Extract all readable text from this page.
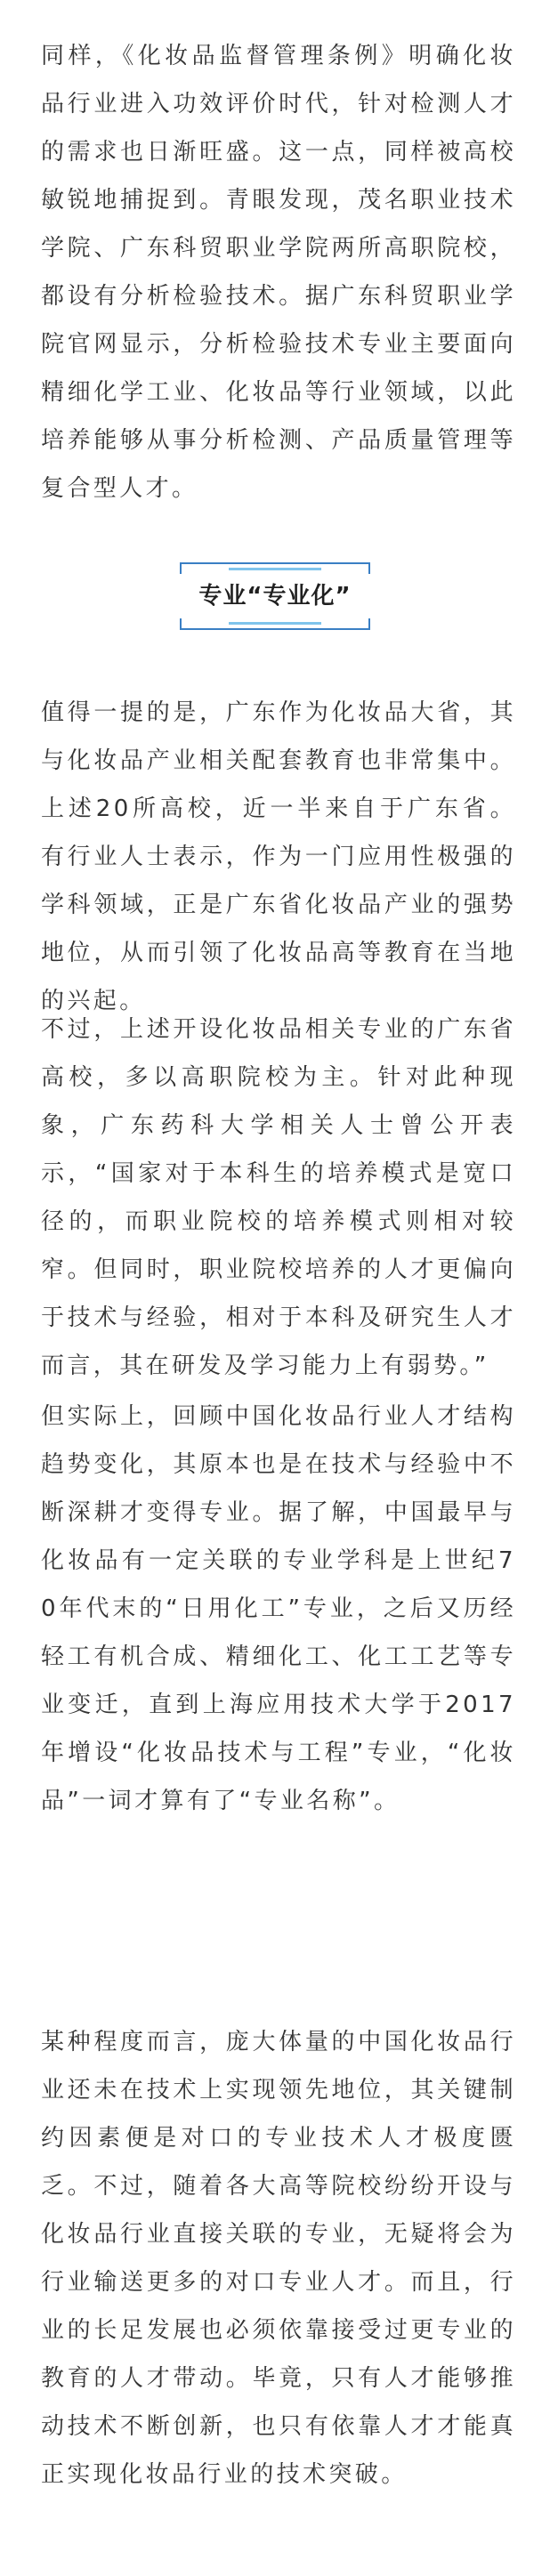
同样，《化妆品监督管理条例》明确化妆品行业进入功效评价时代，针对检测人才的需求也日渐旺盛。这一点，同样被高校敏锐地捕捉到。青眼发现，茂名职业技术学院、广东科贸职业学院两所高职院校，都设有分析检验技术。据广东科贸职业学院官网显示，分析检验技术专业主要面向精细化学工业、化妆品等行业领域，以此培养能够从事分析检测、产品质量管理等复合型人才。

专业“专业化”

值得一提的是，广东作为化妆品大省，其与化妆品产业相关配套教育也非常集中。上述20所高校，近一半来自于广东省。有行业人士表示，作为一门应用性极强的学科领域，正是广东省化妆品产业的强势地位，从而引领了化妆品高等教育在当地的兴起。

不过，上述开设化妆品相关专业的广东省高校，多以高职院校为主。针对此种现象，广东药科大学相关人士曾公开表示，“国家对于本科生的培养模式是宽口径的，而职业院校的培养模式则相对较窄。但同时，职业院校培养的人才更偏向于技术与经验，相对于本科及研究生人才而言，其在研发及学习能力上有弱势。”

但实际上，回顾中国化妆品行业人才结构趋势变化，其原本也是在技术与经验中不断深耕才变得专业。据了解，中国最早与化妆品有一定关联的专业学科是上世纪70年代末的“日用化工”专业，之后又历经轻工有机合成、精细化工、化工工艺等专业变迁，直到上海应用技术大学于2017年增设“化妆品技术与工程”专业，“化妆品”一词才算有了“专业名称”。

某种程度而言，庞大体量的中国化妆品行业还未在技术上实现领先地位，其关键制约因素便是对口的专业技术人才极度匮乏。不过，随着各大高等院校纷纷开设与化妆品行业直接关联的专业，无疑将会为行业输送更多的对口专业人才。而且，行业的长足发展也必须依靠接受过更专业的教育的人才带动。毕竟，只有人才能够推动技术不断创新，也只有依靠人才才能真正实现化妆品行业的技术突破。
